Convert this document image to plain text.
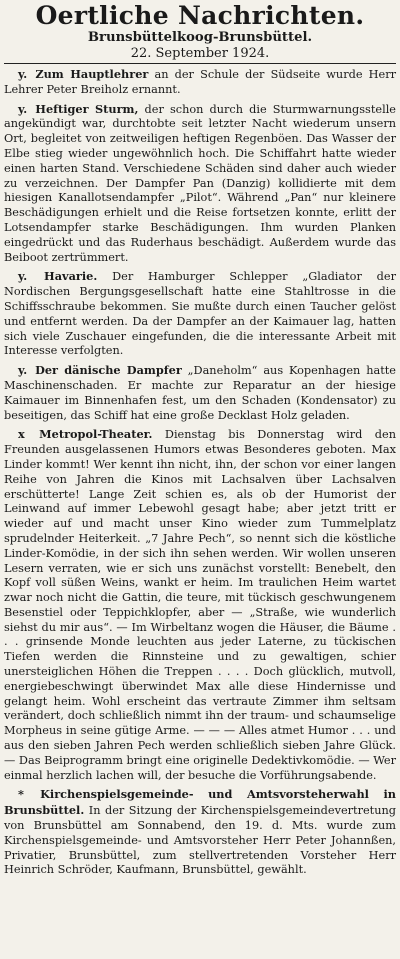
Oertliche Nachrichten.
Brunsbüttelkoog-Brunsbüttel.
22. September 1924.

y. Zum Hauptlehrer an der Schule der Südseite wurde Herr Lehrer Peter Breiholz ernannt.

y. Heftiger Sturm, der schon durch die Sturmwarnungsstelle angekündigt war, durchtobte seit letzter Nacht wiederum unsern Ort, begleitet von zeitweiligen heftigen Regenböen. Das Wasser der Elbe stieg wieder ungewöhnlich hoch. Die Schiffahrt hatte wieder einen harten Stand. Verschiedene Schäden sind daher auch wieder zu verzeichnen. Der Dampfer Pan (Danzig) kollidierte mit dem hiesigen Kanallotsendampfer „Pilot“. Während „Pan“ nur kleinere Beschädigungen erhielt und die Reise fortsetzen konnte, erlitt der Lotsendampfer starke Beschädigungen. Ihm wurden Planken eingedrückt und das Ruderhaus beschädigt. Außerdem wurde das Beiboot zertrümmert.

y. Havarie. Der Hamburger Schlepper „Gladiator der Nordischen Bergungsgesellschaft hatte eine Stahltrosse in die Schiffsschraube bekommen. Sie mußte durch einen Taucher gelöst und entfernt werden. Da der Dampfer an der Kaimauer lag, hatten sich viele Zuschauer eingefunden, die die interessante Arbeit mit Interesse verfolgten.

y. Der dänische Dampfer „Daneholm“ aus Kopenhagen hatte Maschinenschaden. Er machte zur Reparatur an der hiesige Kaimauer im Binnenhafen fest, um den Schaden (Kondensator) zu beseitigen, das Schiff hat eine große Decklast Holz geladen.

x Metropol-Theater. Dienstag bis Donnerstag wird den Freunden ausgelassenen Humors etwas Besonderes geboten. Max Linder kommt! Wer kennt ihn nicht, ihn, der schon vor einer langen Reihe von Jahren die Kinos mit Lachsalven über Lachsalven erschütterte! Lange Zeit schien es, als ob der Humorist der Leinwand auf immer Lebewohl gesagt habe; aber jetzt tritt er wieder auf und macht unser Kino wieder zum Tummelplatz sprudelnder Heiterkeit. „7 Jahre Pech“, so nennt sich die köstliche Linder-Komödie, in der sich ihn sehen werden. Wir wollen unseren Lesern verraten, wie er sich uns zunächst vorstellt: Benebelt, den Kopf voll süßen Weins, wankt er heim. Im traulichen Heim wartet zwar noch nicht die Gattin, die teure, mit tückisch geschwungenem Besenstiel oder Teppichklopfer, aber — „Straße, wie wunderlich siehst du mir aus“. — Im Wirbeltanz wogen die Häuser, die Bäume . . . grinsende Monde leuchten aus jeder Laterne, zu tückischen Tiefen werden die Rinnsteine und zu gewaltigen, schier unersteiglichen Höhen die Treppen . . . . Doch glücklich, mutvoll, energiebeschwingt überwindet Max alle diese Hindernisse und gelangt heim. Wohl erscheint das vertraute Zimmer ihm seltsam verändert, doch schließlich nimmt ihn der traum- und schaumselige Morpheus in seine gütige Arme. — — — Alles atmet Humor . . . und aus den sieben Jahren Pech werden schließlich sieben Jahre Glück. — Das Beiprogramm bringt eine originelle Dedektivkomödie. — Wer einmal herzlich lachen will, der besuche die Vorführungsabende.

* Kirchenspielsgemeinde- und Amtsvorsteherwahl in Brunsbüttel. In der Sitzung der Kirchenspielsgemeindevertretung von Brunsbüttel am Sonnabend, den 19. d. Mts. wurde zum Kirchenspielsgemeinde- und Amtsvorsteher Herr Peter Johannßen, Privatier, Brunsbüttel, zum stellvertretenden Vorsteher Herr Heinrich Schröder, Kaufmann, Brunsbüttel, gewählt.
